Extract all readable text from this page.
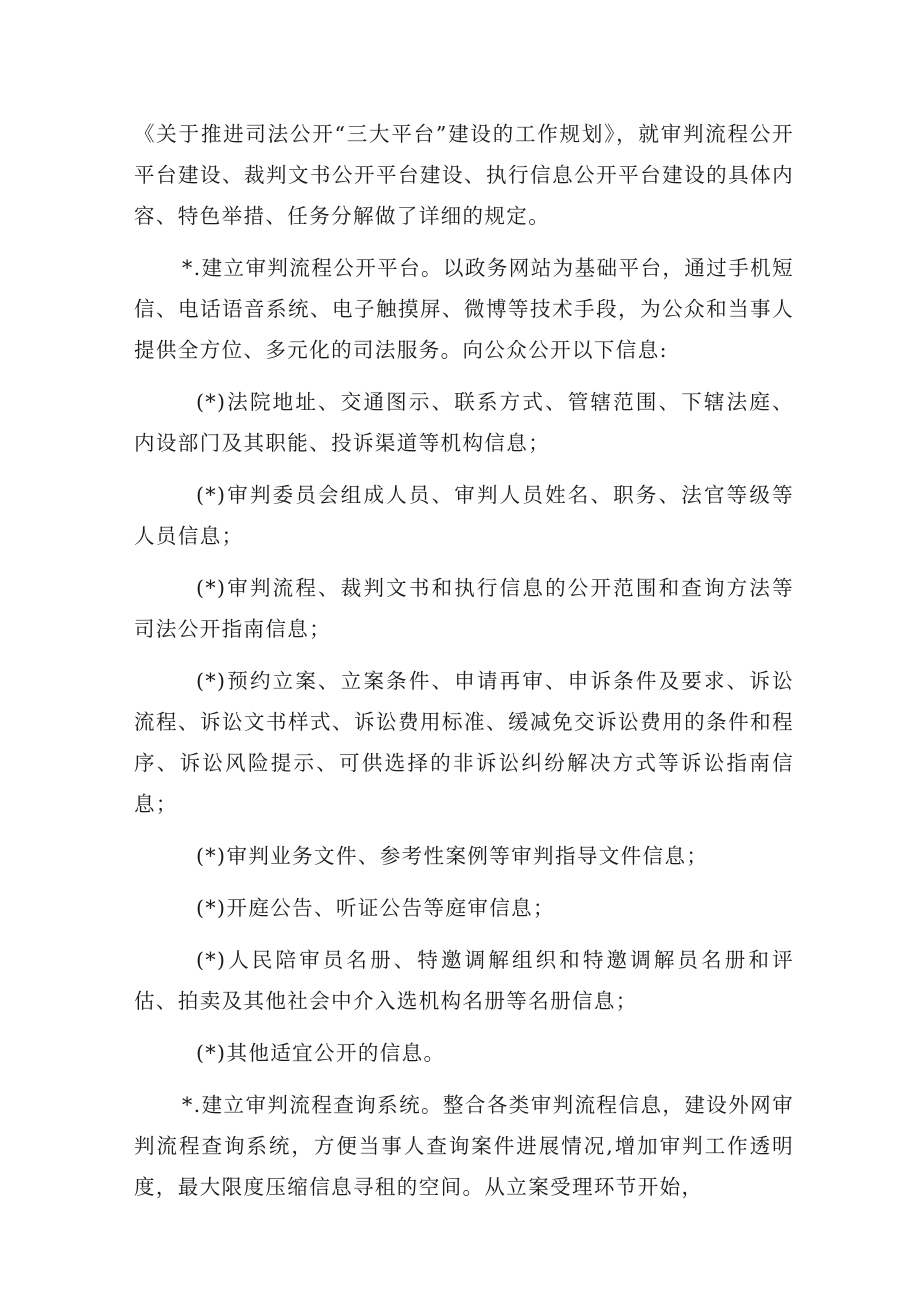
《关于推进司法公开“三大平台”建设的工作规划》，就审判流程公开平台建设、裁判文书公开平台建设、执行信息公开平台建设的具体内容、特色举措、任务分解做了详细的规定。

*.建立审判流程公开平台。以政务网站为基础平台，通过手机短信、电话语音系统、电子触摸屏、微博等技术手段，为公众和当事人提供全方位、多元化的司法服务。向公众公开以下信息:

(*)法院地址、交通图示、联系方式、管辖范围、下辖法庭、内设部门及其职能、投诉渠道等机构信息；

(*)审判委员会组成人员、审判人员姓名、职务、法官等级等人员信息；

(*)审判流程、裁判文书和执行信息的公开范围和查询方法等司法公开指南信息；

(*)预约立案、立案条件、申请再审、申诉条件及要求、诉讼流程、诉讼文书样式、诉讼费用标准、缓减免交诉讼费用的条件和程序、诉讼风险提示、可供选择的非诉讼纠纷解决方式等诉讼指南信息；

(*)审判业务文件、参考性案例等审判指导文件信息；

(*)开庭公告、听证公告等庭审信息；

(*)人民陪审员名册、特邀调解组织和特邀调解员名册和评估、拍卖及其他社会中介入选机构名册等名册信息；

(*)其他适宜公开的信息。

*.建立审判流程查询系统。整合各类审判流程信息，建设外网审判流程查询系统，方便当事人查询案件进展情况,增加审判工作透明度，最大限度压缩信息寻租的空间。从立案受理环节开始，
